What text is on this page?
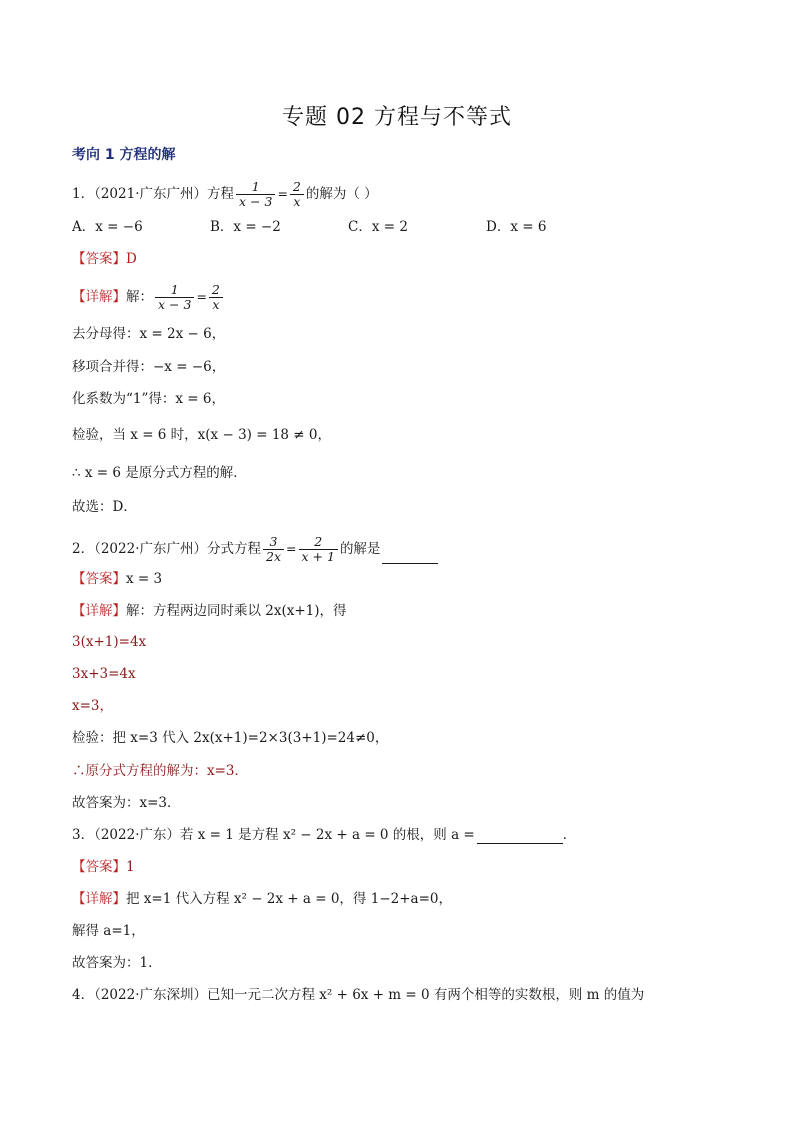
专题 02 方程与不等式
考向 1 方程的解
1．（2021·广东广州）方程 $\frac{1}{x - 3} = \frac{2}{x}$ 的解为（ ）
A．x = −6	B．x = −2	C．x = 2	D．x = 6
【答案】D
【详解】解： $\frac{1}{x - 3} = \frac{2}{x}$
去分母得：x = 2x − 6，
移项合并得：−x = −6，
化系数为“1”得：x = 6，
检验，当 x = 6 时，x(x − 3) = 18 ≠ 0，
∴ x = 6 是原分式方程的解．
故选：D．
2．（2022·广东广州）分式方程 $\frac{3}{2x} = \frac{2}{x + 1}$ 的解是
【答案】x = 3
【详解】解：方程两边同时乘以 2x(x+1)，得
3(x+1)=4x
3x+3=4x
x=3，
检验：把 x=3 代入 2x(x+1)=2×3(3+1)=24≠0，
∴原分式方程的解为：x=3．
故答案为：x=3．
3．（2022·广东）若 x = 1 是方程 x² − 2x + a = 0 的根，则 a =	．
【答案】1
【详解】把 x=1 代入方程 x² − 2x + a = 0，得 1−2+a=0，
解得 a=1，
故答案为：1．
4．（2022·广东深圳）已知一元二次方程 x² + 6x + m = 0 有两个相等的实数根，则 m 的值为
